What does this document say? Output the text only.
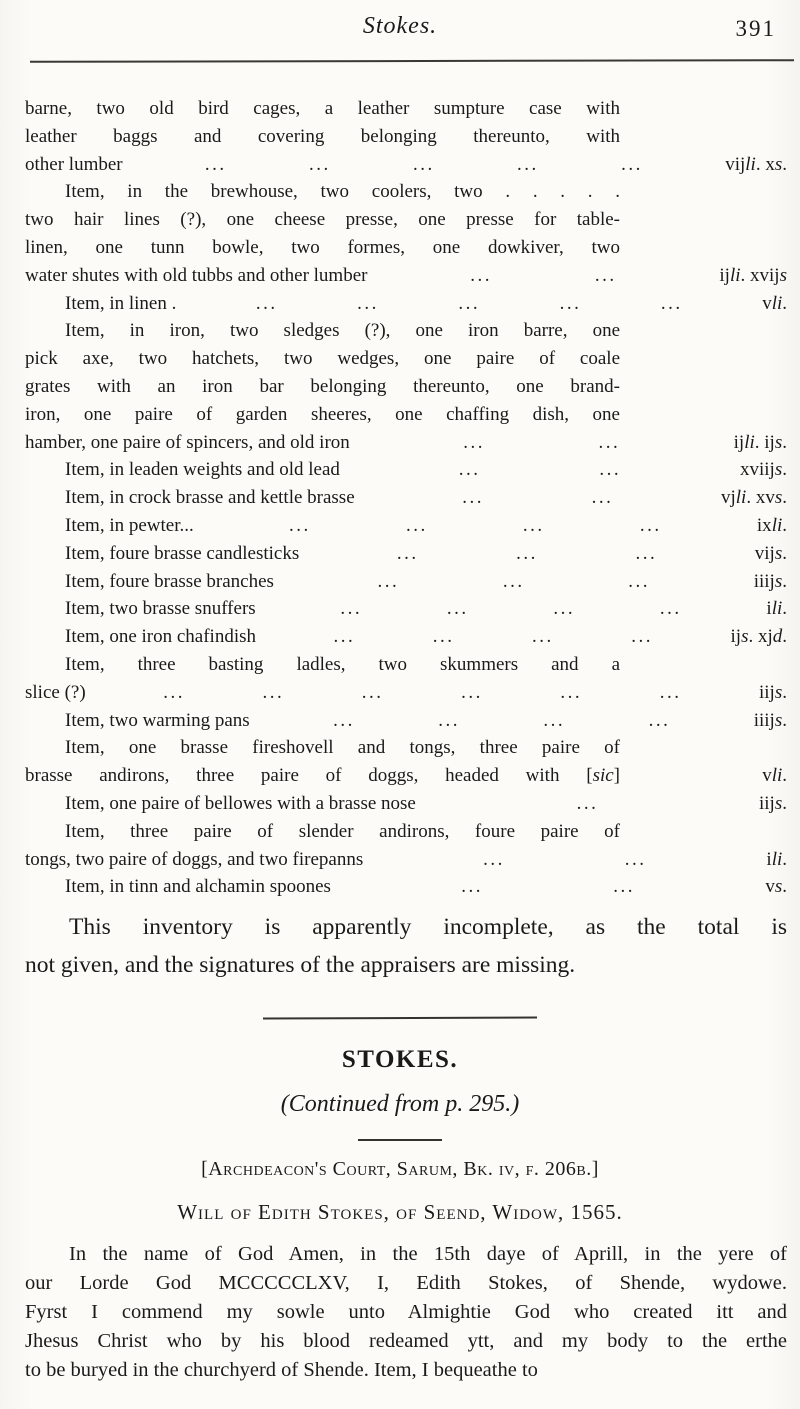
Stokes.	391
barne, two old bird cages, a leather sumpture case with
leather baggs and covering belonging thereunto, with
other lumber	...	...	...	...	...	vijli. xs.
Item, in the brewhouse, two coolers, two . . . . .
two hair lines (?), one cheese presse, one presse for table-
linen, one tunn bowle, two formes, one dowkiver, two
water shutes with old tubbs and other lumber	...	...	ijli. xvijs
Item, in linen .	...	...	...	...	...	vli.
Item, in iron, two sledges (?), one iron barre, one
pick axe, two hatchets, two wedges, one paire of coale
grates with an iron bar belonging thereunto, one brand-
iron, one paire of garden sheeres, one chaffing dish, one
hamber, one paire of spincers, and old iron	...	...	ijli. ijs.
Item, in leaden weights and old lead	...	...	xviijs.
Item, in crock brasse and kettle brasse	...	...	vjli. xvs.
Item, in pewter...	...	...	...	...	ixli.
Item, foure brasse candlesticks	...	...	...	vijs.
Item, foure brasse branches	...	...	...	iiijs.
Item, two brasse snuffers	...	...	...	...	ili.
Item, one iron chafindish	...	...	...	...	ijs. xjd.
Item, three basting ladles, two skummers and a
slice (?)	...	...	...	...	...	...	iijs.
Item, two warming pans	...	...	...	...	iiijs.
Item, one brasse fireshovell and tongs, three paire of
brasse andirons, three paire of doggs, headed with [sic]	vli.
Item, one paire of bellowes with a brasse nose	...	iijs.
Item, three paire of slender andirons, foure paire of
tongs, two paire of doggs, and two firepanns	...	...	ili.
Item, in tinn and alchamin spoones	...	...	vs.
This inventory is apparently incomplete, as the total is
not given, and the signatures of the appraisers are missing.
STOKES.
(Continued from p. 295.)
[Archdeacon's Court, Sarum, Bk. iv, f. 206b.]
Will of Edith Stokes, of Seend, Widow, 1565.
In the name of God Amen, in the 15th daye of Aprill, in the yere of
our Lorde God MCCCCCLXV, I, Edith Stokes, of Shende, wydowe.
Fyrst I commend my sowle unto Almightie God who created itt and
Jhesus Christ who by his blood redeamed ytt, and my body to the erthe
to be buryed in the churchyerd of Shende. Item, I bequeathe to
